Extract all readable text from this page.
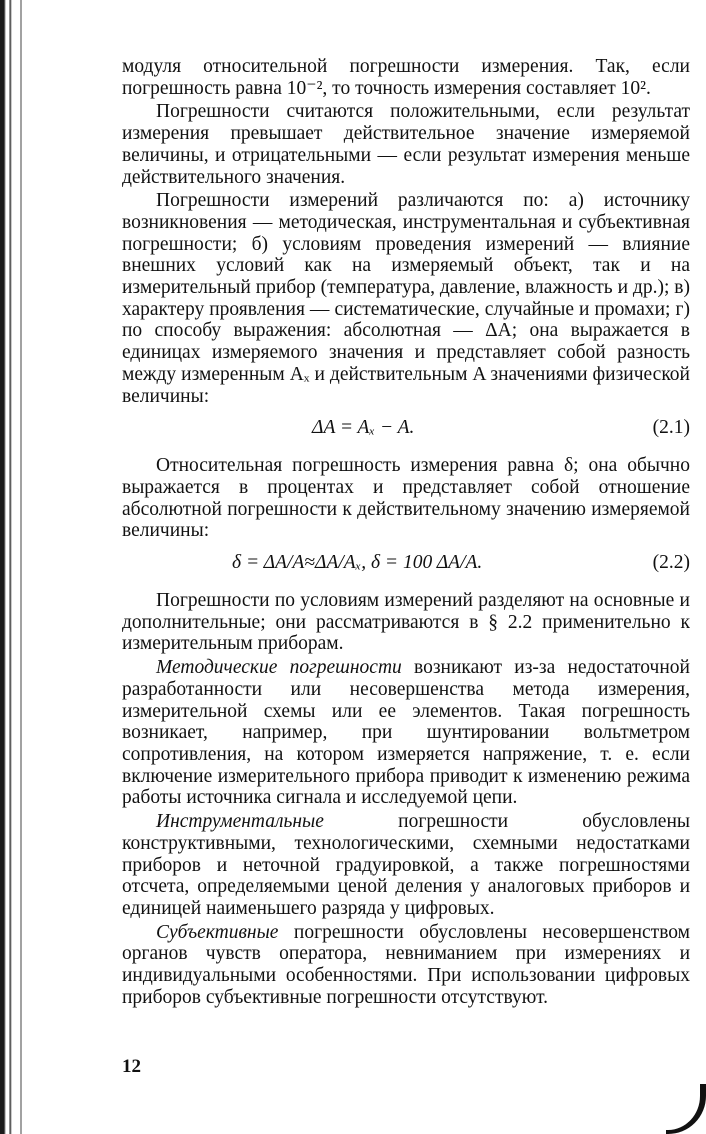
модуля относительной погрешности измерения. Так, если погрешность равна 10⁻², то точность измерения составляет 10².

Погрешности считаются положительными, если результат измерения превышает действительное значение измеряемой величины, и отрицательными — если результат измерения меньше действительного значения.

Погрешности измерений различаются по: а) источнику возникновения — методическая, инструментальная и субъективная погрешности; б) условиям проведения измерений — влияние внешних условий как на измеряемый объект, так и на измерительный прибор (температура, давление, влажность и др.); в) характеру проявления — систематические, случайные и промахи; г) по способу выражения: абсолютная — ΔA; она выражается в единицах измеряемого значения и представляет собой разность между измеренным Aₓ и действительным A значениями физической величины:

ΔA = Aₓ − A.	(2.1)

Относительная погрешность измерения равна δ; она обычно выражается в процентах и представляет собой отношение абсолютной погрешности к действительному значению измеряемой величины:

δ = ΔA/A≈ΔA/Aₓ, δ = 100 ΔA/A.	(2.2)

Погрешности по условиям измерений разделяют на основные и дополнительные; они рассматриваются в § 2.2 применительно к измерительным приборам.

Методические погрешности возникают из-за недостаточной разработанности или несовершенства метода измерения, измерительной схемы или ее элементов. Такая погрешность возникает, например, при шунтировании вольтметром сопротивления, на котором измеряется напряжение, т. е. если включение измерительного прибора приводит к изменению режима работы источника сигнала и исследуемой цепи.

Инструментальные погрешности обусловлены конструктивными, технологическими, схемными недостатками приборов и неточной градуировкой, а также погрешностями отсчета, определяемыми ценой деления у аналоговых приборов и единицей наименьшего разряда у цифровых.

Субъективные погрешности обусловлены несовершенством органов чувств оператора, невниманием при измерениях и индивидуальными особенностями. При использовании цифровых приборов субъективные погрешности отсутствуют.

12
